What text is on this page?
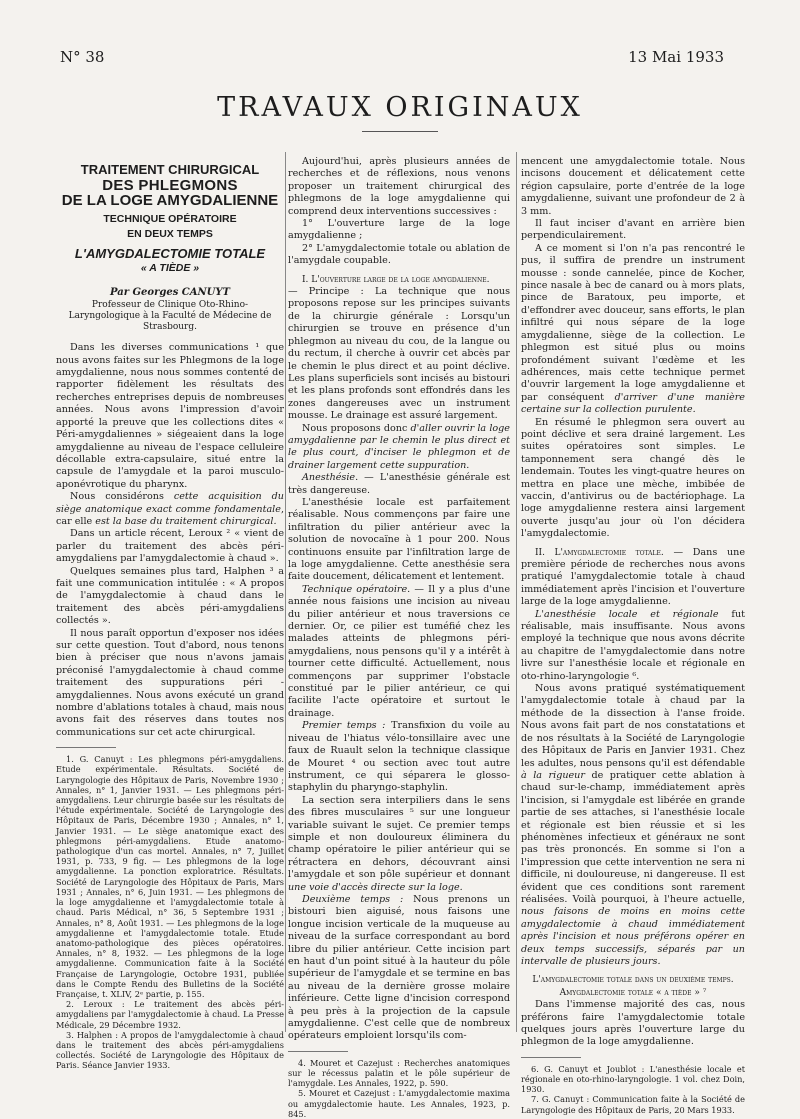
N° 38	13 Mai 1933
TRAVAUX ORIGINAUX
TRAITEMENT CHIRURGICAL
DES PHLEGMONS
DE LA LOGE AMYGDALIENNE
TECHNIQUE OPÉRATOIRE
EN DEUX TEMPS
L'AMYGDALECTOMIE TOTALE
« A TIÈDE »
Par Georges CANUYT
Professeur de Clinique Oto-Rhino-Laryngologique à la Faculté de Médecine de Strasbourg.

Dans les diverses communications ¹ que nous avons faites sur les Phlegmons de la loge amygdalienne, nous nous sommes contenté de rapporter fidèlement les résultats des recherches entreprises depuis de nombreuses années. Nous avons l'impression d'avoir apporté la preuve que les collections dites « Péri-amygdaliennes » siégeaient dans la loge amygdalienne au niveau de l'espace celluleire décollable extra-capsulaire, situé entre la capsule de l'amygdale et la paroi musculo-aponévrotique du pharynx.

Nous considérons cette acquisition du siège anatomique exact comme fondamentale, car elle est la base du traitement chirurgical.

Dans un article récent, Leroux ² « vient de parler du traitement des abcès péri-amygdaliens par l'amygdalectomie à chaud ».

Quelques semaines plus tard, Halphen ³ a fait une communication intitulée : « A propos de l'amygdalectomie à chaud dans le traitement des abcès péri-amygdaliens collectés ».

Il nous paraît opportun d'exposer nos idées sur cette question. Tout d'abord, nous tenons bien à préciser que nous n'avons jamais préconisé l'amygdalectomie à chaud comme traitement des suppurations péri - amygdaliennes. Nous avons exécuté un grand nombre d'ablations totales à chaud, mais nous avons fait des réserves dans toutes nos communications sur cet acte chirurgical.

1. G. Canuyt : Les phlegmons péri-amygdaliens. Etude expérimentale. Résultats. Société de Laryngologie des Hôpitaux de Paris, Novembre 1930 ; Annales, n° 1, Janvier 1931. — Les phlegmons péri-amygdaliens. Leur chirurgie basée sur les résultats de l'étude expérimentale. Société de Laryngologie des Hôpitaux de Paris, Décembre 1930 ; Annales, n° 1, Janvier 1931. — Le siège anatomique exact des phlegmons péri-amygdaliens. Etude anatomo-pathologique d'un cas mortel. Annales, n° 7, Juillet 1931, p. 733, 9 fig. — Les phlegmons de la loge amygdalienne. La ponction exploratrice. Résultats. Société de Laryngologie des Hôpitaux de Paris, Mars 1931 ; Annales, n° 6, Juin 1931. — Les phlegmons de la loge amygdalienne et l'amygdalectomie totale à chaud. Paris Médical, n° 36, 5 Septembre 1931 ; Annales, n° 8, Août 1931. — Les phlegmons de la loge amygdalienne et l'amygdalectomie totale. Etude anatomo-pathologique des pièces opératoires. Annales, n° 8, 1932. — Les phlegmons de la loge amygdalienne. Communication faite à la Société Française de Laryngologie, Octobre 1931, publiée dans le Compte Rendu des Bulletins de la Société Française, t. XLIV, 2ᵉ partie, p. 155.

2. Leroux : Le traitement des abcès péri-amygdaliens par l'amygdalectomie à chaud. La Presse Médicale, 29 Décembre 1932.

3. Halphen : A propos de l'amygdalectomie à chaud dans le traitement des abcès péri-amygdaliens collectés. Société de Laryngologie des Hôpitaux de Paris. Séance Janvier 1933.

Aujourd'hui, après plusieurs années de recherches et de réflexions, nous venons proposer un traitement chirurgical des phlegmons de la loge amygdalienne qui comprend deux interventions successives :

1° L'ouverture large de la loge amygdalienne ;

2° L'amygdalectomie totale ou ablation de l'amygdale coupable.

I. L'ouverture large de la loge amygdalienne.

— Principe : La technique que nous proposons repose sur les principes suivants de la chirurgie générale : Lorsqu'un chirurgien se trouve en présence d'un phlegmon au niveau du cou, de la langue ou du rectum, il cherche à ouvrir cet abcès par le chemin le plus direct et au point déclive. Les plans superficiels sont incisés au bistouri et les plans profonds sont effondrés dans les zones dangereuses avec un instrument mousse. Le drainage est assuré largement.

Nous proposons donc d'aller ouvrir la loge amygdalienne par le chemin le plus direct et le plus court, d'inciser le phlegmon et de drainer largement cette suppuration.

Anesthésie. — L'anesthésie générale est très dangereuse.

L'anesthésie locale est parfaitement réalisable. Nous commençons par faire une infiltration du pilier antérieur avec la solution de novocaïne à 1 pour 200. Nous continuons ensuite par l'infiltration large de la loge amygdalienne. Cette anesthésie sera faite doucement, délicatement et lentement.

Technique opératoire. — Il y a plus d'une année nous faisions une incision au niveau du pilier antérieur et nous traversions ce dernier. Or, ce pilier est tuméfié chez les malades atteints de phlegmons péri-amygdaliens, nous pensons qu'il y a intérêt à tourner cette difficulté. Actuellement, nous commençons par supprimer l'obstacle constitué par le pilier antérieur, ce qui facilite l'acte opératoire et surtout le drainage.

Premier temps : Transfixion du voile au niveau de l'hiatus vélo-tonsillaire avec une faux de Ruault selon la technique classique de Mouret ⁴ ou section avec tout autre instrument, ce qui séparera le glosso-staphylin du pharyngo-staphylin.

La section sera interpiliers dans le sens des fibres musculaires ⁵ sur une longueur variable suivant le sujet. Ce premier temps simple et non douloureux éliminera du champ opératoire le pilier antérieur qui se rétractera en dehors, découvrant ainsi l'amygdale et son pôle supérieur et donnant une voie d'accès directe sur la loge.

Deuxième temps : Nous prenons un bistouri bien aiguisé, nous faisons une longue incision verticale de la muqueuse au niveau de la surface correspondant au bord libre du pilier antérieur. Cette incision part en haut d'un point situé à la hauteur du pôle supérieur de l'amygdale et se termine en bas au niveau de la dernière grosse molaire inférieure. Cette ligne d'incision correspond à peu près à la projection de la capsule amygdalienne. C'est celle que de nombreux opérateurs emploient lorsqu'ils com-

4. Mouret et Cazejust : Recherches anatomiques sur le récessus palatin et le pôle supérieur de l'amygdale. Les Annales, 1922, p. 590.

5. Mouret et Cazejust : L'amygdalectomie maxima ou amygdalectomie haute. Les Annales, 1923, p. 845.

mencent une amygdalectomie totale. Nous incisons doucement et délicatement cette région capsulaire, porte d'entrée de la loge amygdalienne, suivant une profondeur de 2 à 3 mm.

Il faut inciser d'avant en arrière bien perpendiculairement.

A ce moment si l'on n'a pas rencontré le pus, il suffira de prendre un instrument mousse : sonde cannelée, pince de Kocher, pince nasale à bec de canard ou à mors plats, pince de Baratoux, peu importe, et d'effondrer avec douceur, sans efforts, le plan infiltré qui nous sépare de la loge amygdalienne, siège de la collection. Le phlegmon est situé plus ou moins profondément suivant l'œdème et les adhérences, mais cette technique permet d'ouvrir largement la loge amygdalienne et par conséquent d'arriver d'une manière certaine sur la collection purulente.

En résumé le phlegmon sera ouvert au point déclive et sera drainé largement. Les suites opératoires sont simples. Le tamponnement sera changé dès le lendemain. Toutes les vingt-quatre heures on mettra en place une mèche, imbibée de vaccin, d'antivirus ou de bactériophage. La loge amygdalienne restera ainsi largement ouverte jusqu'au jour où l'on décidera l'amygdalectomie.

II. L'amygdalectomie totale. — Dans une première période de recherches nous avons pratiqué l'amygdalectomie totale à chaud immédiatement après l'incision et l'ouverture large de la loge amygdalienne.

L'anesthésie locale et régionale fut réalisable, mais insuffisante. Nous avons employé la technique que nous avons décrite au chapitre de l'amygdalectomie dans notre livre sur l'anesthésie locale et régionale en oto-rhino-laryngologie ⁶.

Nous avons pratiqué systématiquement l'amygdalectomie totale à chaud par la méthode de la dissection à l'anse froide. Nous avons fait part de nos constatations et de nos résultats à la Société de Laryngologie des Hôpitaux de Paris en Janvier 1931. Chez les adultes, nous pensons qu'il est défendable à la rigueur de pratiquer cette ablation à chaud sur-le-champ, immédiatement après l'incision, si l'amygdale est libérée en grande partie de ses attaches, si l'anesthésie locale et régionale est bien réussie et si les phénomènes infectieux et généraux ne sont pas très prononcés. En somme si l'on a l'impression que cette intervention ne sera ni difficile, ni douloureuse, ni dangereuse. Il est évident que ces conditions sont rarement réalisées. Voilà pourquoi, à l'heure actuelle, nous faisons de moins en moins cette amygdalectomie à chaud immédiatement après l'incision et nous préférons opérer en deux temps successifs, séparés par un intervalle de plusieurs jours.

L'amygdalectomie totale dans un deuxième temps.
Amygdalectomie totale « a tiède » ⁷

Dans l'immense majorité des cas, nous préférons faire l'amygdalectomie totale quelques jours après l'ouverture large du phlegmon de la loge amygdalienne.

6. G. Canuyt et Joublot : L'anesthésie locale et régionale en oto-rhino-laryngologie. 1 vol. chez Doin, 1930.

7. G. Canuyt : Communication faite à la Société de Laryngologie des Hôpitaux de Paris, 20 Mars 1933.
